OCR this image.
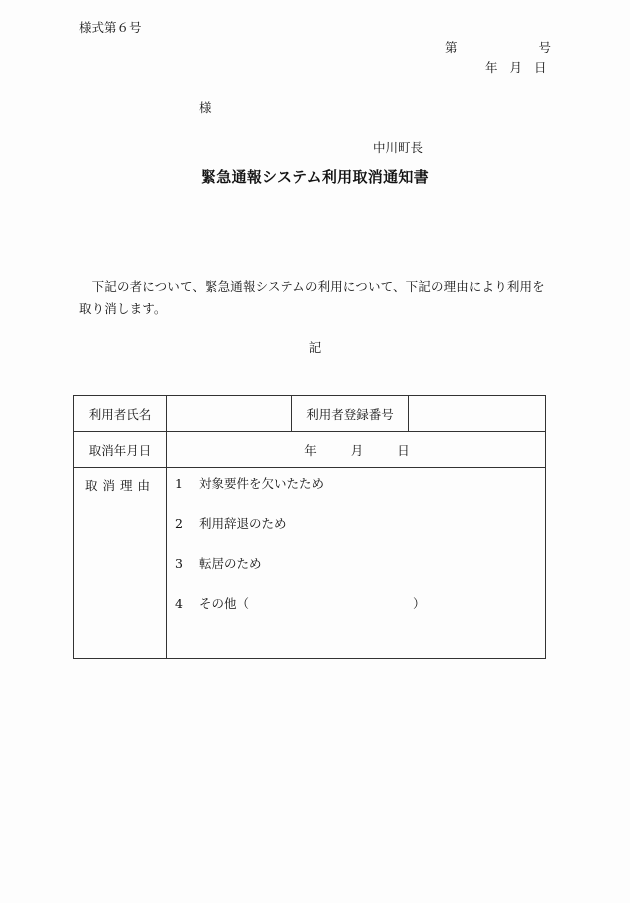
様式第６号
第	号
年 月 日
様
中川町長
緊急通報システム利用取消通知書
　下記の者について、緊急通報システムの利用について、下記の理由により利用を取り消します。
記
利用者氏名		利用者登録番号	
取消年月日	年 月 日		

取消理由	1 対象要件を欠いたため
2 利用辞退のため
3 転居のため
4 その他（ ）		
